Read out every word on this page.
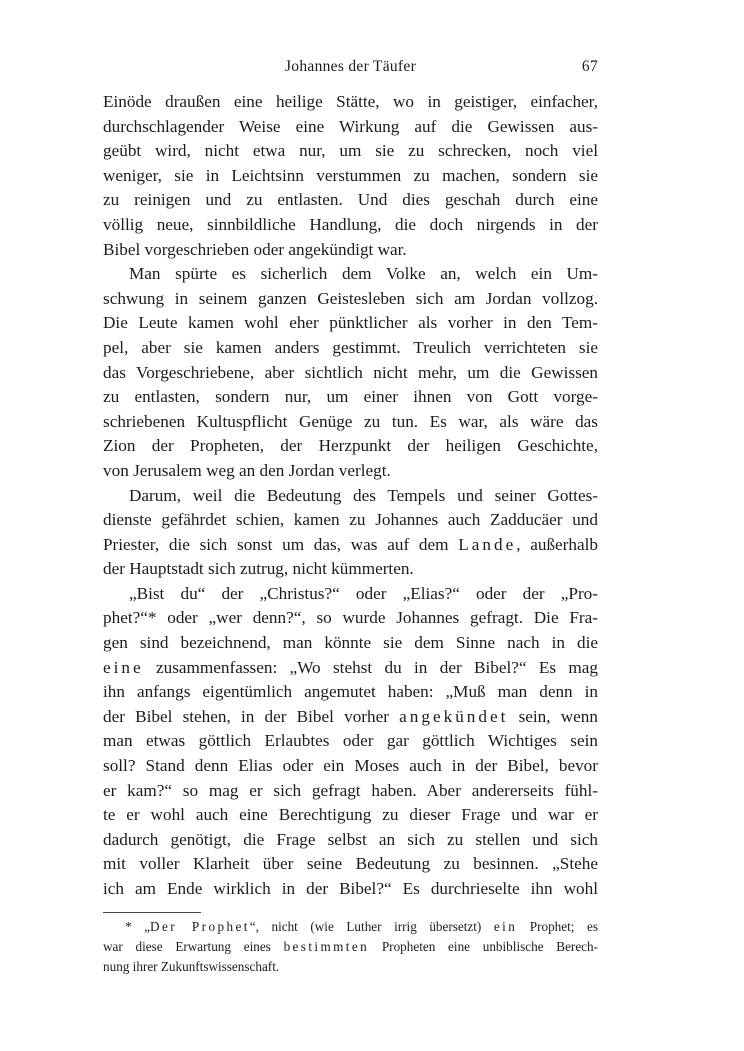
Johannes der Täufer	67

Einöde draußen eine heilige Stätte, wo in geistiger, einfacher,
durchschlagender Weise eine Wirkung auf die Gewissen aus-
geübt wird, nicht etwa nur, um sie zu schrecken, noch viel
weniger, sie in Leichtsinn verstummen zu machen, sondern sie
zu reinigen und zu entlasten. Und dies geschah durch eine
völlig neue, sinnbildliche Handlung, die doch nirgends in der
Bibel vorgeschrieben oder angekündigt war.

Man spürte es sicherlich dem Volke an, welch ein Um-
schwung in seinem ganzen Geistesleben sich am Jordan vollzog.
Die Leute kamen wohl eher pünktlicher als vorher in den Tem-
pel, aber sie kamen anders gestimmt. Treulich verrichteten sie
das Vorgeschriebene, aber sichtlich nicht mehr, um die Gewissen
zu entlasten, sondern nur, um einer ihnen von Gott vorge-
schriebenen Kultuspflicht Genüge zu tun. Es war, als wäre das
Zion der Propheten, der Herzpunkt der heiligen Geschichte,
von Jerusalem weg an den Jordan verlegt.

Darum, weil die Bedeutung des Tempels und seiner Gottes-
dienste gefährdet schien, kamen zu Johannes auch Zadducäer und
Priester, die sich sonst um das, was auf dem Lande, außerhalb
der Hauptstadt sich zutrug, nicht kümmerten.

„Bist du“ der „Christus?“ oder „Elias?“ oder der „Pro-
phet?“* oder „wer denn?“, so wurde Johannes gefragt. Die Fra-
gen sind bezeichnend, man könnte sie dem Sinne nach in die
eine zusammenfassen: „Wo stehst du in der Bibel?“ Es mag
ihn anfangs eigentümlich angemutet haben: „Muß man denn in
der Bibel stehen, in der Bibel vorher angekündet sein, wenn
man etwas göttlich Erlaubtes oder gar göttlich Wichtiges sein
soll? Stand denn Elias oder ein Moses auch in der Bibel, bevor
er kam?“ so mag er sich gefragt haben. Aber andererseits fühl-
te er wohl auch eine Berechtigung zu dieser Frage und war er
dadurch genötigt, die Frage selbst an sich zu stellen und sich
mit voller Klarheit über seine Bedeutung zu besinnen. „Stehe
ich am Ende wirklich in der Bibel?“ Es durchrieselte ihn wohl

* „Der Prophet“, nicht (wie Luther irrig übersetzt) ein Prophet; es
war diese Erwartung eines bestimmten Propheten eine unbiblische Berech-
nung ihrer Zukunftswissenschaft.
